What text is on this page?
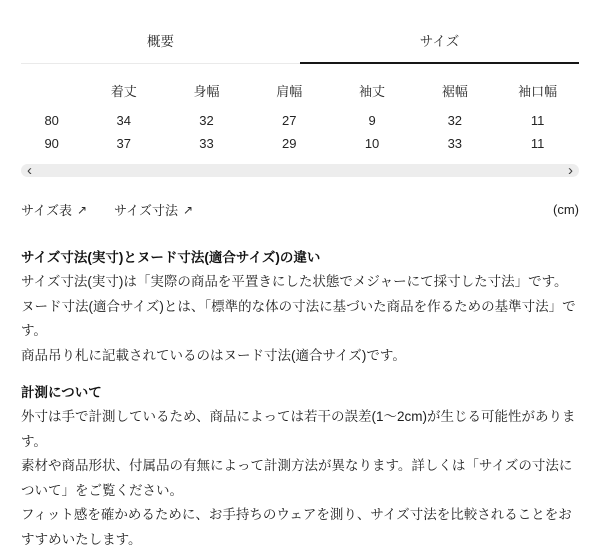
概要	サイズ
	着丈	身幅	肩幅	袖丈	裾幅	袖口幅
80	34	32	27	9	32	11
90	37	33	29	10	33	11
‹	›
サイズ表 ↗ サイズ寸法 ↗	(cm)
サイズ寸法(実寸)とヌード寸法(適合サイズ)の違い

サイズ寸法(実寸)は「実際の商品を平置きにした状態でメジャーにて採寸した寸法」です。

ヌード寸法(適合サイズ)とは、「標準的な体の寸法に基づいた商品を作るための基準寸法」です。

商品吊り札に記載されているのはヌード寸法(適合サイズ)です。

計測について

外寸は手で計測しているため、商品によっては若干の誤差(1〜2cm)が生じる可能性があります。

素材や商品形状、付属品の有無によって計測方法が異なります。詳しくは「サイズの寸法について」をご覧ください。

フィット感を確かめるために、お手持ちのウェアを測り、サイズ寸法を比較されることをおすすめいたします。
